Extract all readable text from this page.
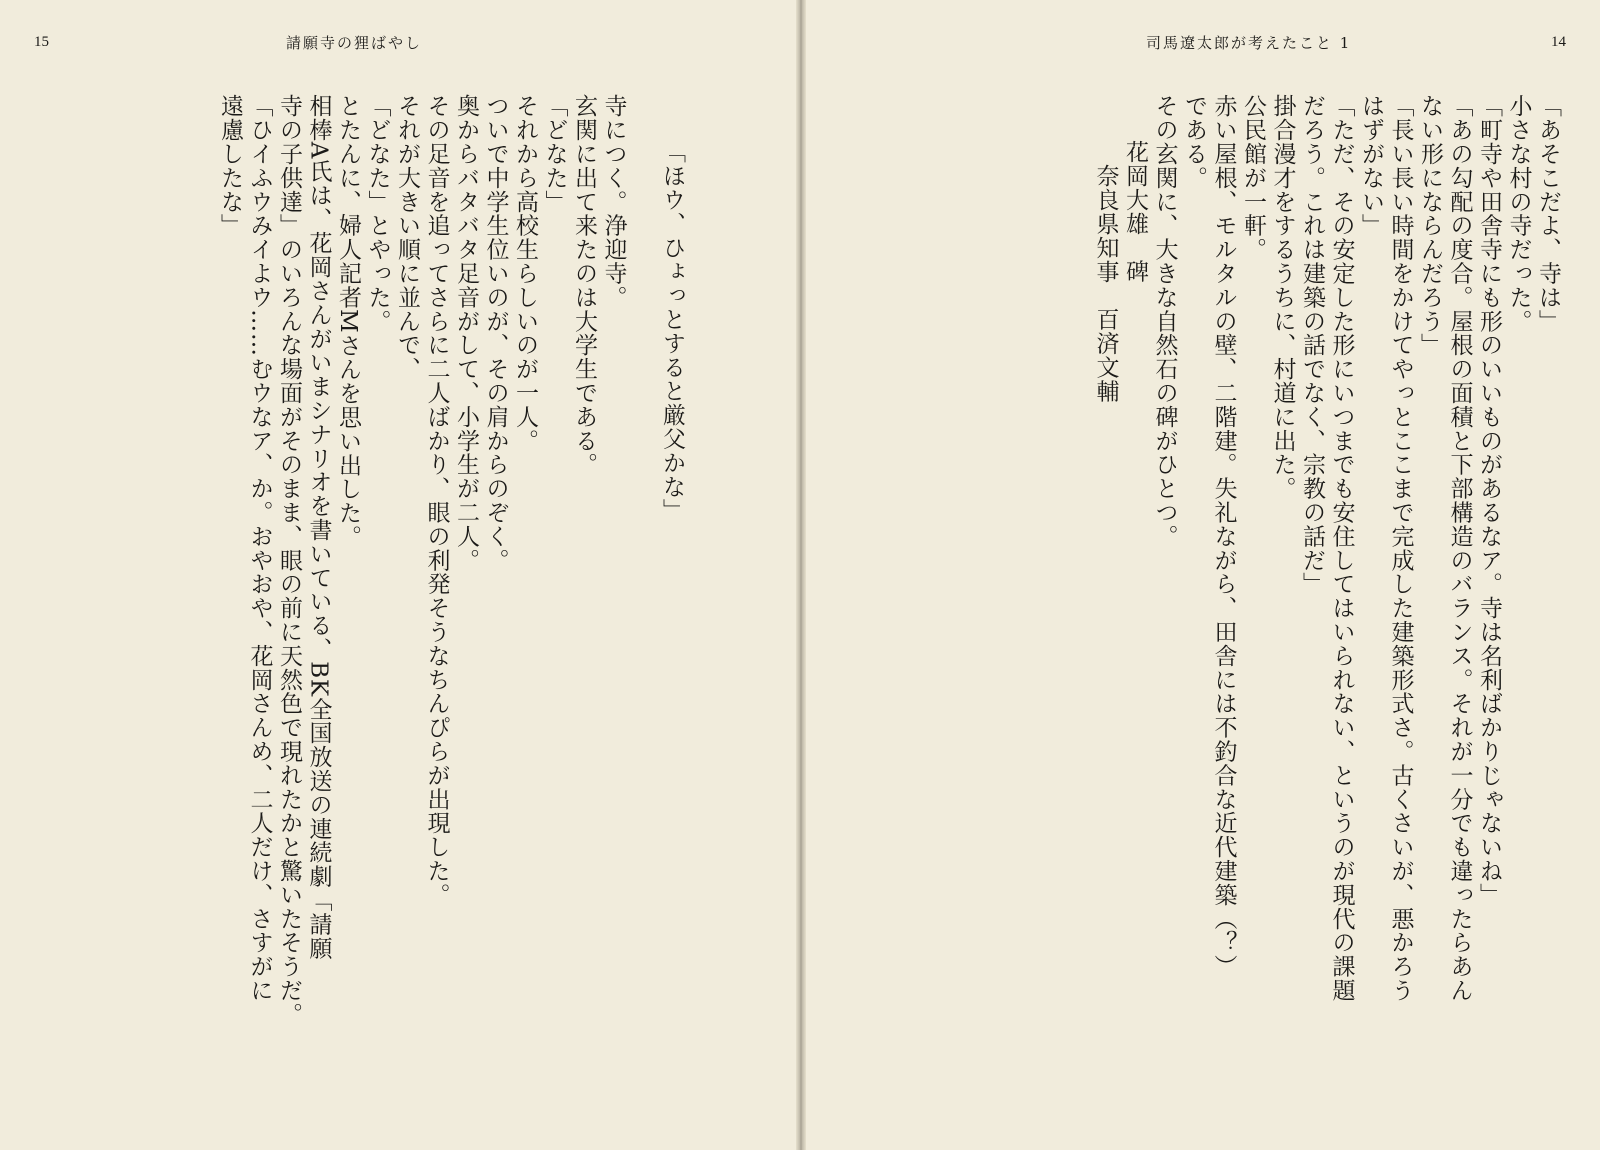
15	請願寺の狸ばやし
「ほウ、ひょっとすると厳父かな」
寺につく。浄迎寺。
玄関に出て来たのは大学生である。
「どなた」
それから高校生らしいのが一人。
ついで中学生位いのが、その肩からのぞく。
奥からバタバタ足音がして、小学生が二人。
その足音を追ってさらに二人ばかり、眼の利発そうなちんぴらが出現した。
それが大きい順に並んで、
「どなた」とやった。
とたんに、婦人記者Mさんを思い出した。
相棒A氏は、花岡さんがいまシナリオを書いている、BK全国放送の連続劇「請願
寺の子供達」のいろんな場面がそのまま、眼の前に天然色で現れたかと驚いたそうだ。
「ひイふウみイよウ……むウなア、か。おやおや、花岡さんめ、二人だけ、さすがに
遠慮したな」
14
司馬遼太郎が考えたこと 1
「あそこだよ、寺は」
小さな村の寺だった。
「町寺や田舎寺にも形のいいものがあるなア。寺は名利ばかりじゃないね」
「あの勾配の度合。屋根の面積と下部構造のバランス。それが一分でも違ったらあん
ない形にならんだろう」
「長い長い時間をかけてやっとここまで完成した建築形式さ。古くさいが、悪かろう
はずがない」
「ただ、その安定した形にいつまでも安住してはいられない、というのが現代の課題
だろう。これは建築の話でなく、宗教の話だ」
掛合漫才をするうちに、村道に出た。
公民館が一軒。
赤い屋根、モルタルの壁、二階建。失礼ながら、田舎には不釣合な近代建築（？）
である。
その玄関に、大きな自然石の碑がひとつ。
花岡大雄　碑
奈良県知事　百済文輔
